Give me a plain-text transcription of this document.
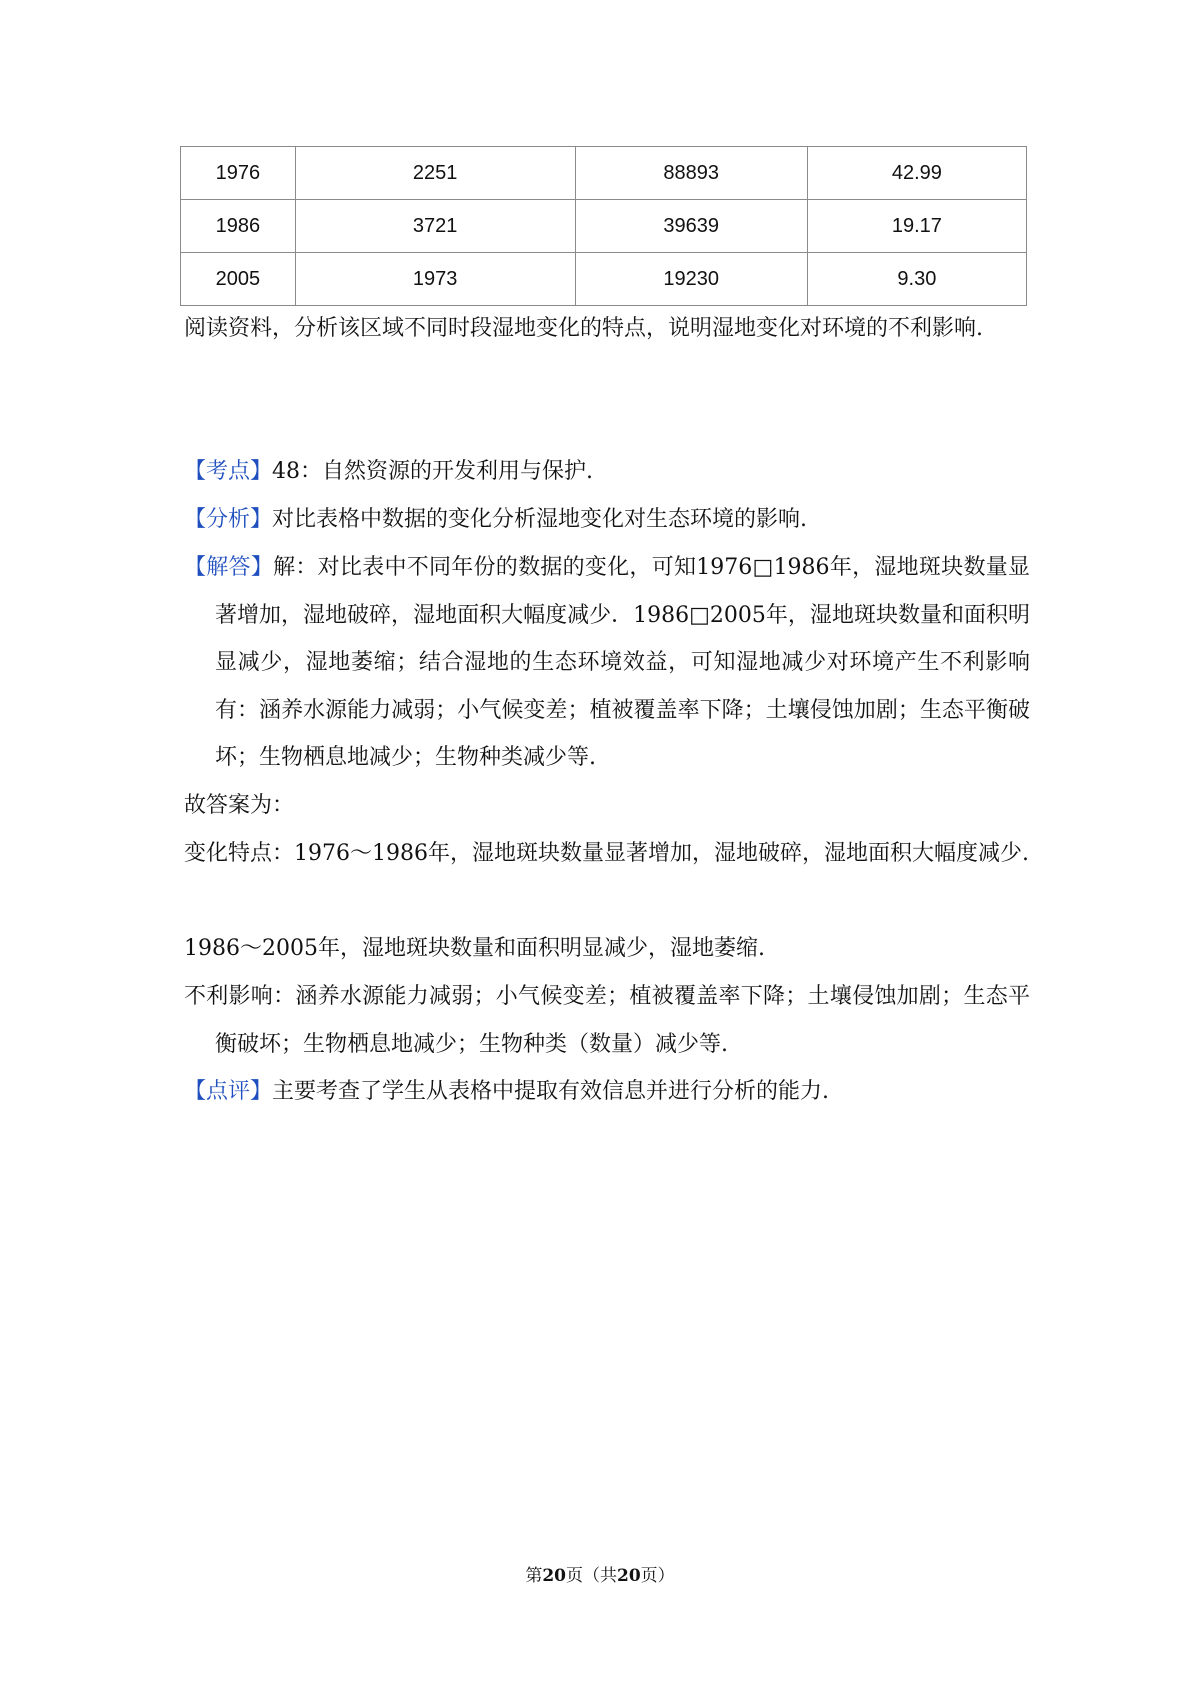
1976	2251	88893	42.99
1986	3721	39639	19.17
2005	1973	19230	9.30

阅读资料，分析该区域不同时段湿地变化的特点，说明湿地变化对环境的不利影响.

【考点】48：自然资源的开发利用与保护.

【分析】对比表格中数据的变化分析湿地变化对生态环境的影响.

【解答】解：对比表中不同年份的数据的变化，可知1976□1986年，湿地斑块数量显著增加，湿地破碎，湿地面积大幅度减少．1986□2005年，湿地斑块数量和面积明显减少，湿地萎缩；结合湿地的生态环境效益，可知湿地减少对环境产生不利影响有：涵养水源能力减弱；小气候变差；植被覆盖率下降；土壤侵蚀加剧；生态平衡破坏；生物栖息地减少；生物种类减少等.

故答案为：

变化特点：1976～1986年，湿地斑块数量显著增加，湿地破碎，湿地面积大幅度减少.

1986～2005年，湿地斑块数量和面积明显减少，湿地萎缩.

不利影响：涵养水源能力减弱；小气候变差；植被覆盖率下降；土壤侵蚀加剧；生态平衡破坏；生物栖息地减少；生物种类（数量）减少等.

【点评】主要考查了学生从表格中提取有效信息并进行分析的能力.

第20页（共20页）
